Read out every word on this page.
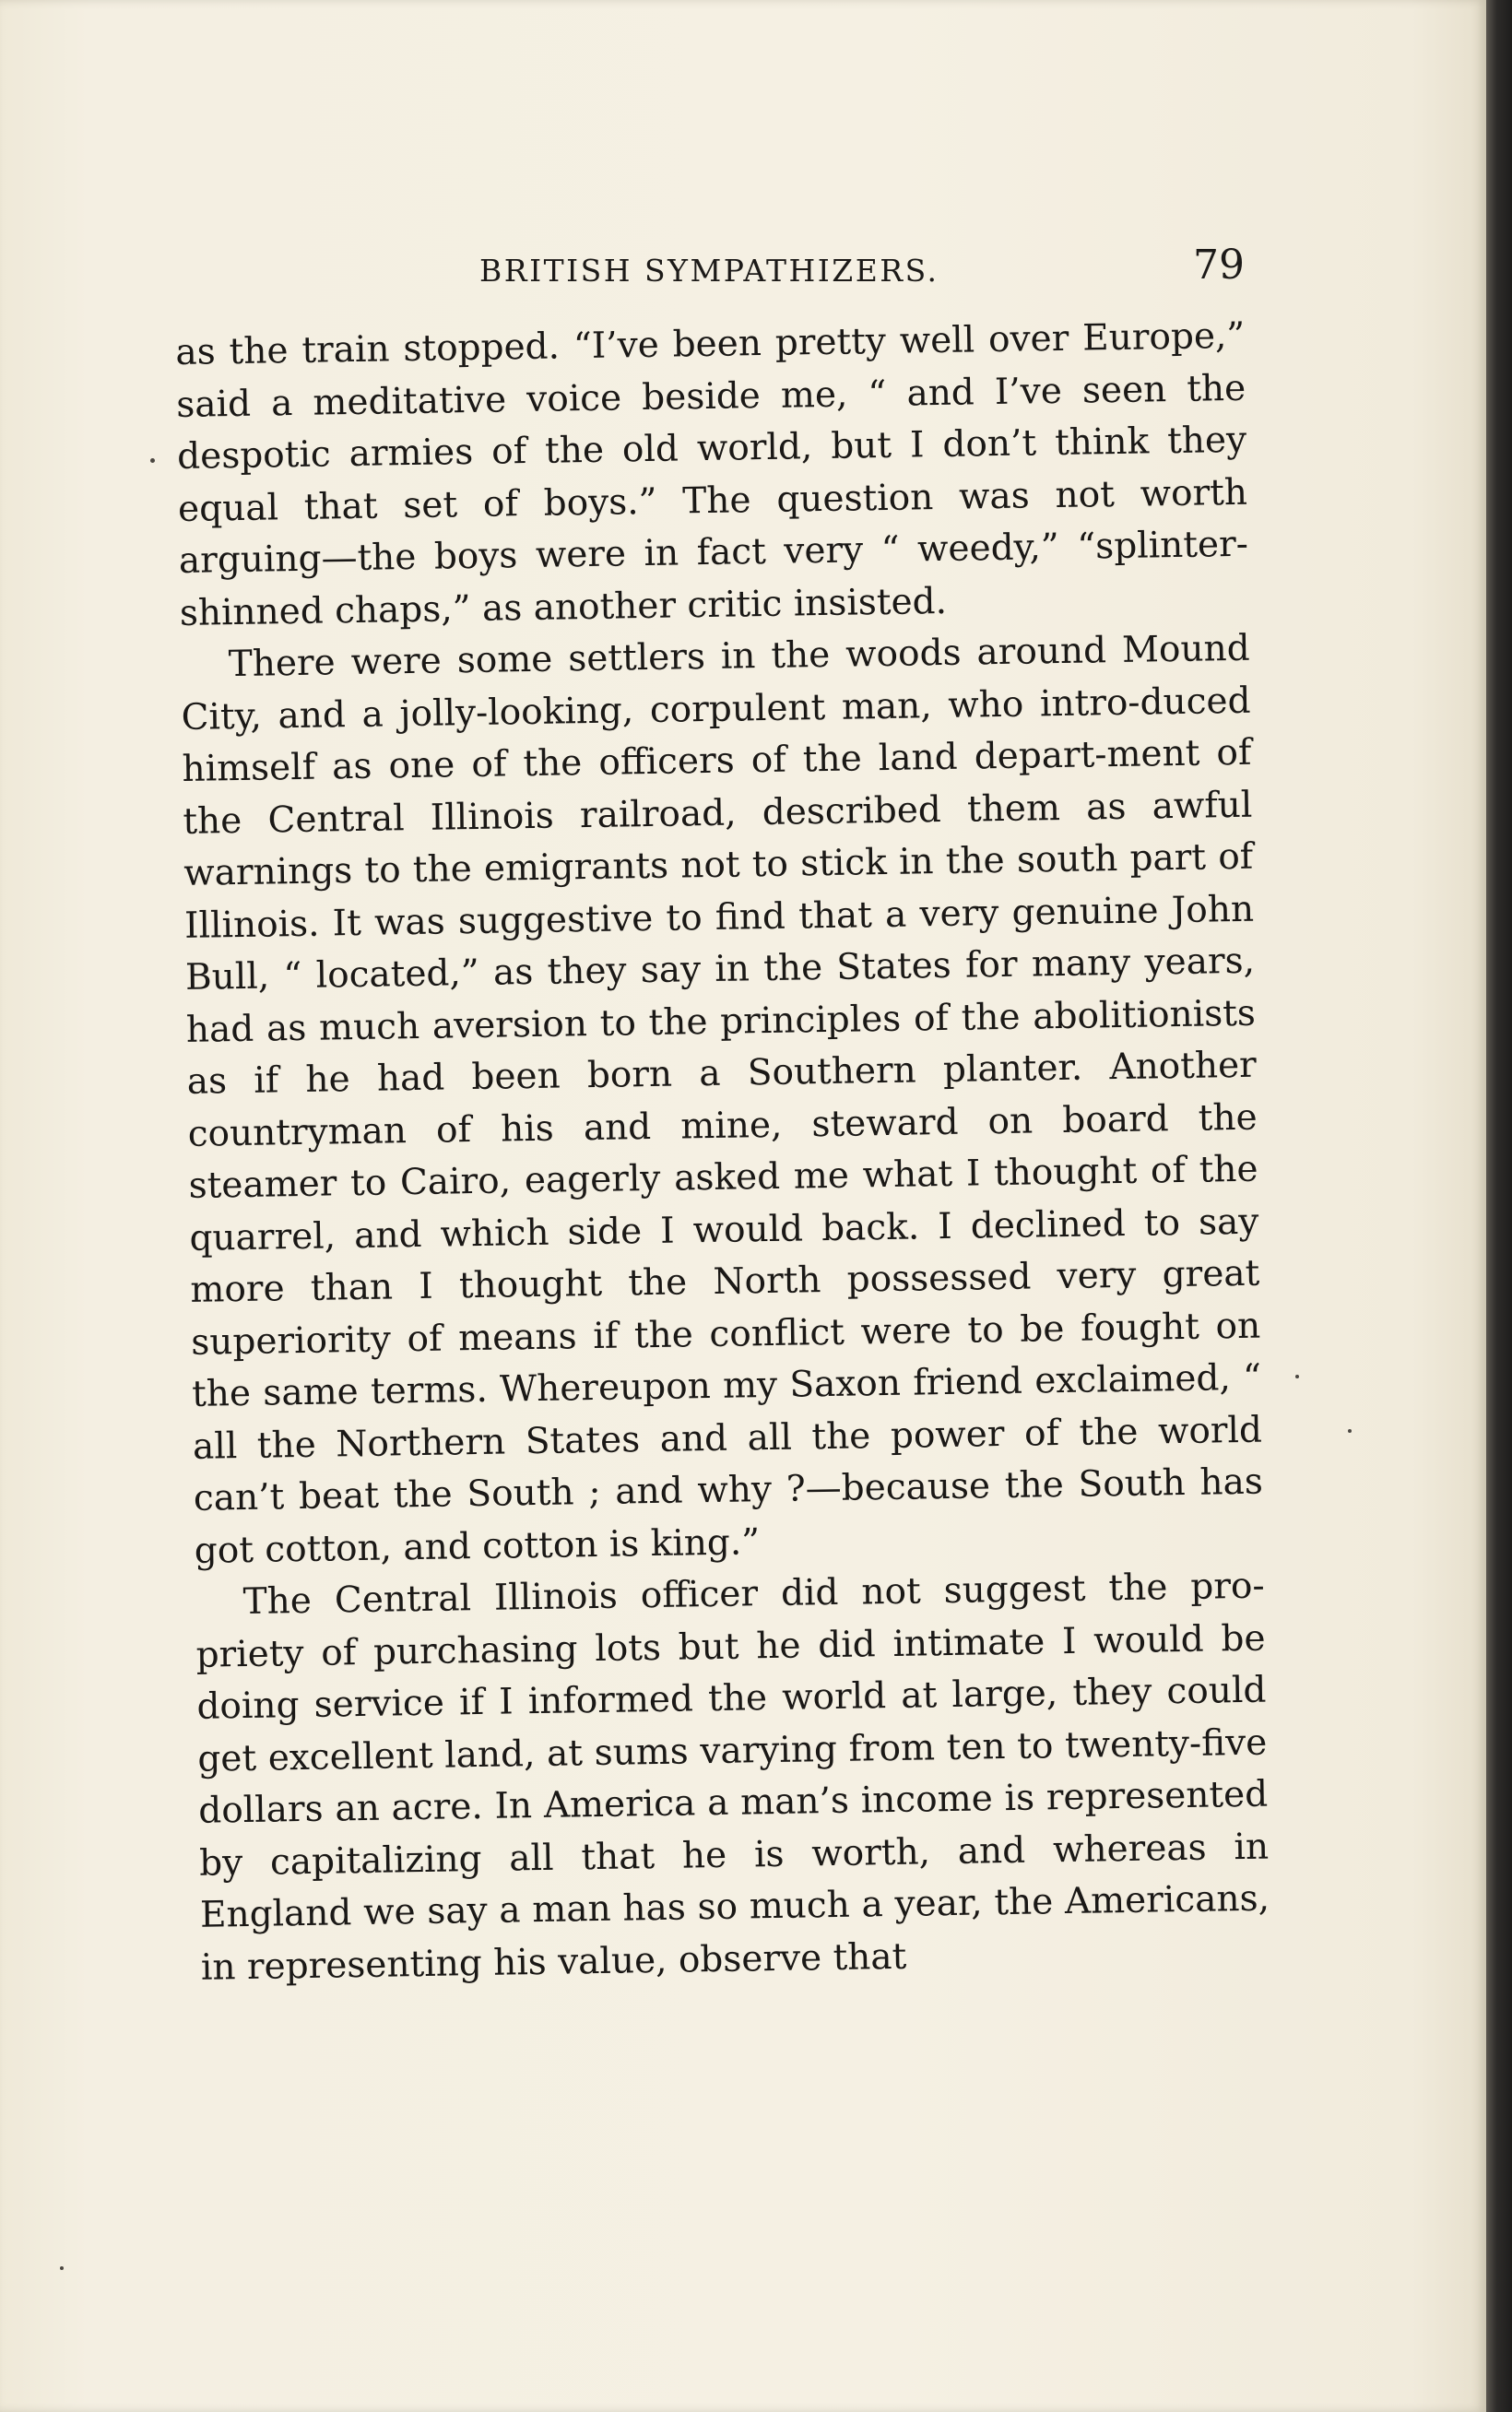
BRITISH SYMPATHIZERS.	79

as the train stopped. “I’ve been pretty well over Europe,” said a meditative voice beside me, “ and I’ve seen the despotic armies of the old world, but I don’t think they equal that set of boys.” The question was not worth arguing—the boys were in fact very “ weedy,” “splinter-shinned chaps,” as another critic insisted.

There were some settlers in the woods around Mound City, and a jolly-looking, corpulent man, who intro-duced himself as one of the officers of the land depart-ment of the Central Illinois railroad, described them as awful warnings to the emigrants not to stick in the south part of Illinois. It was suggestive to find that a very genuine John Bull, “ located,” as they say in the States for many years, had as much aversion to the principles of the abolitionists as if he had been born a Southern planter. Another countryman of his and mine, steward on board the steamer to Cairo, eagerly asked me what I thought of the quarrel, and which side I would back. I declined to say more than I thought the North possessed very great superiority of means if the conflict were to be fought on the same terms. Whereupon my Saxon friend exclaimed, “ all the Northern States and all the power of the world can’t beat the South ; and why ?—because the South has got cotton, and cotton is king.”

The Central Illinois officer did not suggest the pro-priety of purchasing lots but he did intimate I would be doing service if I informed the world at large, they could get excellent land, at sums varying from ten to twenty-five dollars an acre. In America a man’s income is represented by capitalizing all that he is worth, and whereas in England we say a man has so much a year, the Americans, in representing his value, observe that
